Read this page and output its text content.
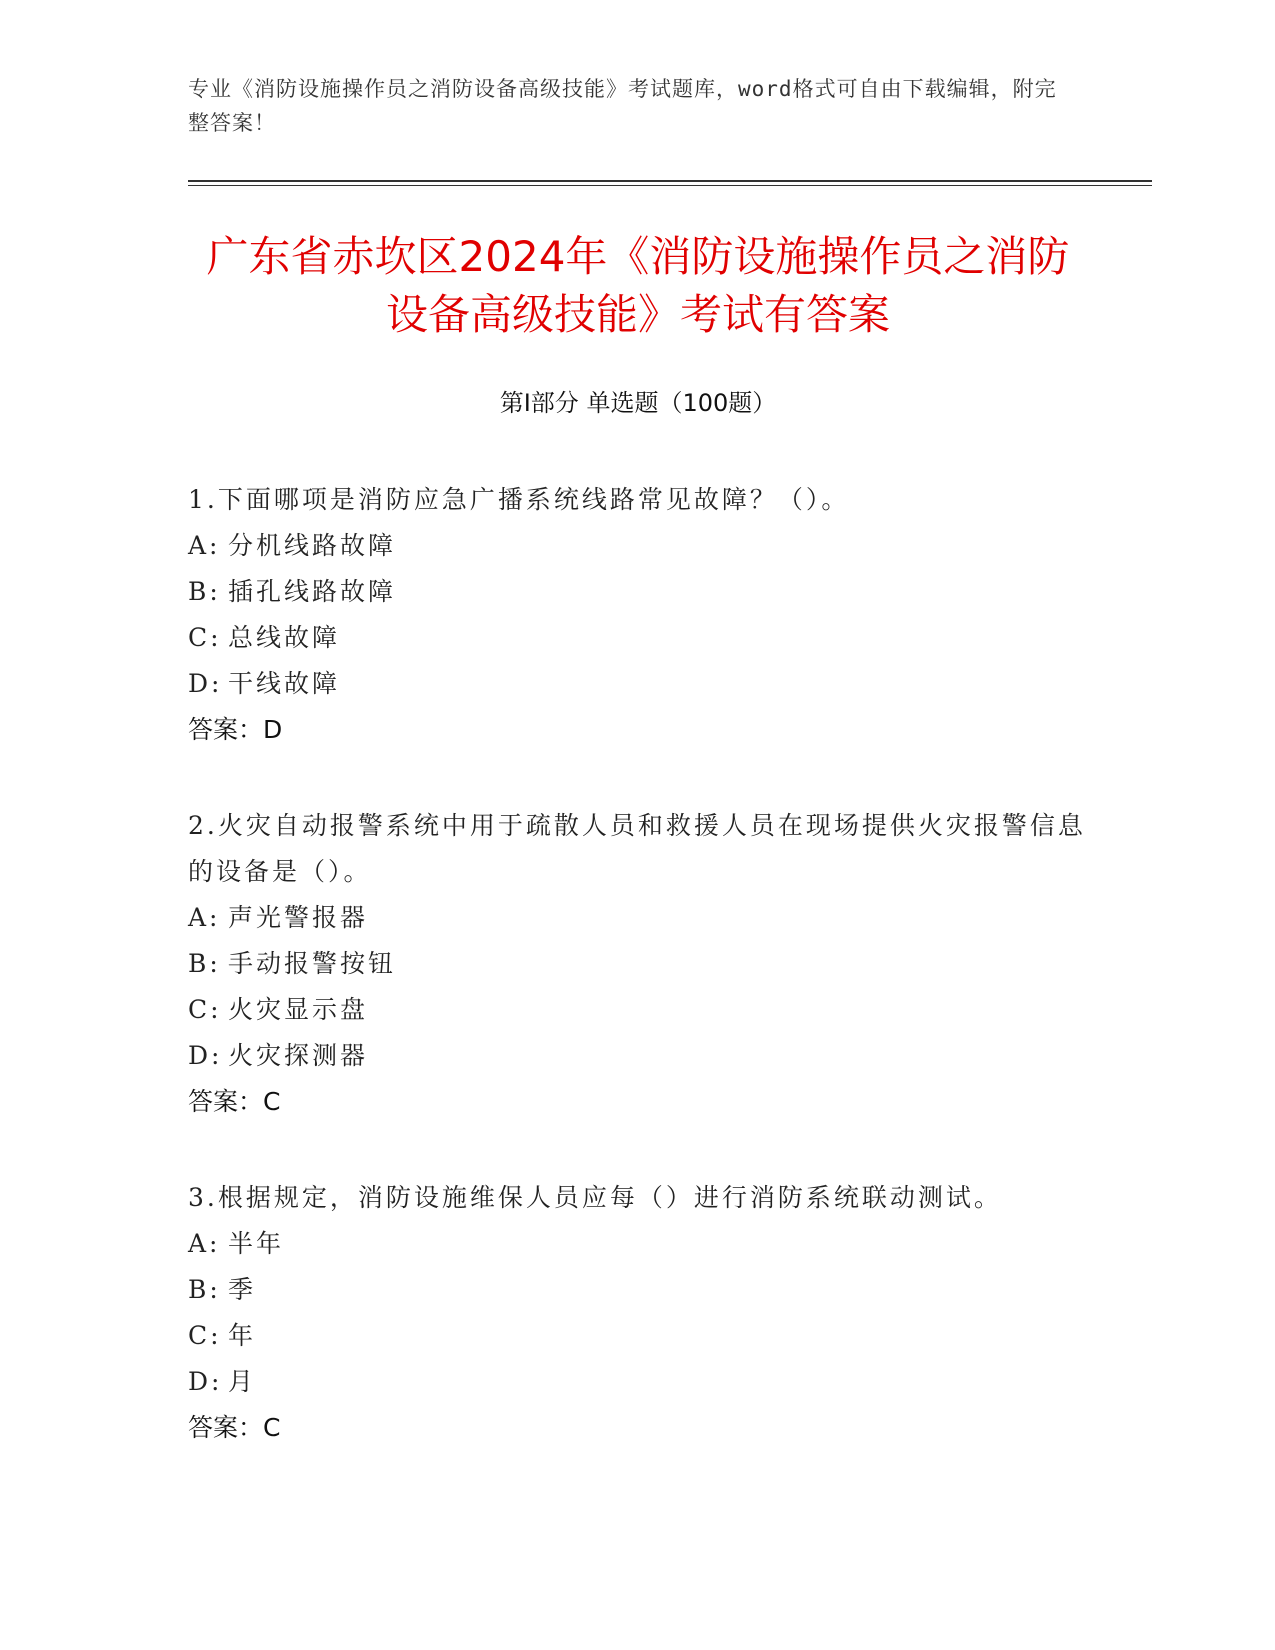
专业《消防设施操作员之消防设备高级技能》考试题库，word格式可自由下载编辑，附完整答案！
广东省赤坎区2024年《消防设施操作员之消防设备高级技能》考试有答案
第Ⅰ部分 单选题（100题）

1.下面哪项是消防应急广播系统线路常见故障？（）。

A: 分机线路故障

B: 插孔线路故障

C: 总线故障

D: 干线故障

答案：D

2.火灾自动报警系统中用于疏散人员和救援人员在现场提供火灾报警信息的设备是（）。

A: 声光警报器

B: 手动报警按钮

C: 火灾显示盘

D: 火灾探测器

答案：C

3.根据规定，消防设施维保人员应每（）进行消防系统联动测试。

A: 半年

B: 季

C: 年

D: 月

答案：C
